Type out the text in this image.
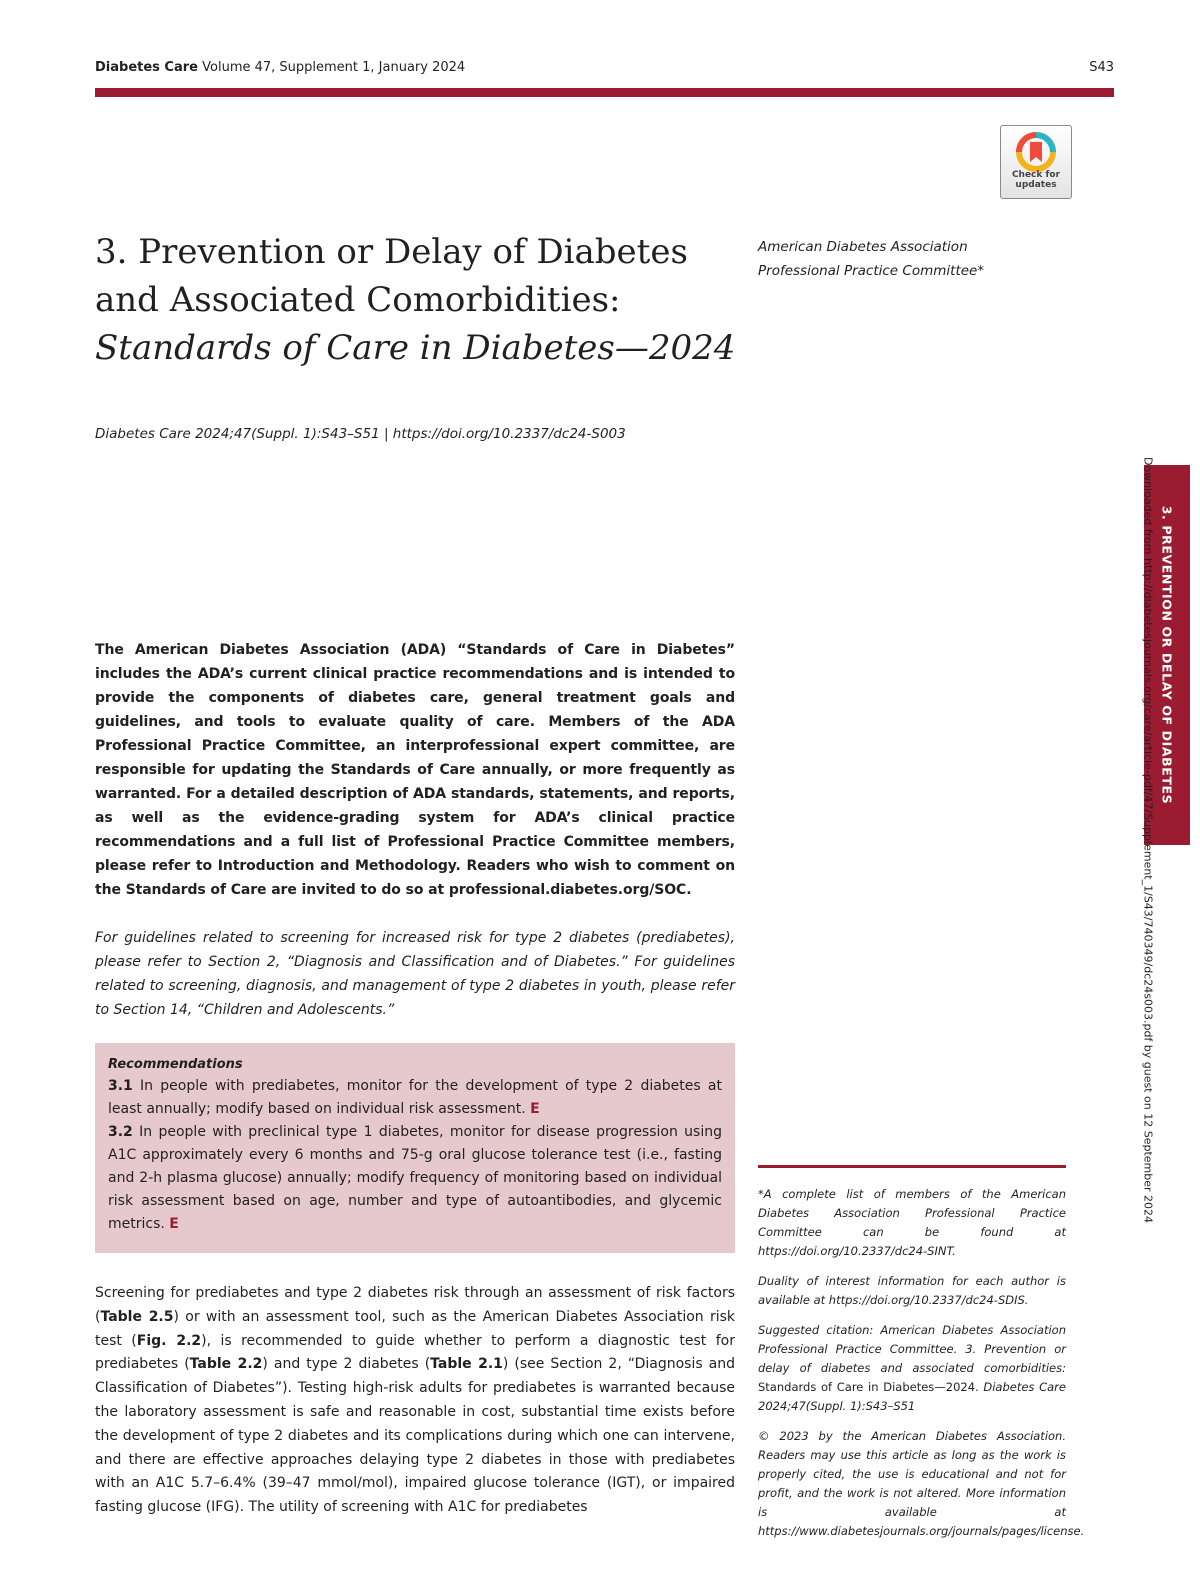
Diabetes Care Volume 47, Supplement 1, January 2024	S43
Check for
updates
3. Prevention or Delay of Diabetes and Associated Comorbidities: Standards of Care in Diabetes—2024
American Diabetes Association
Professional Practice Committee*
Diabetes Care 2024;47(Suppl. 1):S43–S51 | https://doi.org/10.2337/dc24-S003

The American Diabetes Association (ADA) “Standards of Care in Diabetes” includes the ADA’s current clinical practice recommendations and is intended to provide the components of diabetes care, general treatment goals and guidelines, and tools to evaluate quality of care. Members of the ADA Professional Practice Committee, an interprofessional expert committee, are responsible for updating the Standards of Care annually, or more frequently as warranted. For a detailed description of ADA standards, statements, and reports, as well as the evidence-grading system for ADA’s clinical practice recommendations and a full list of Professional Practice Committee members, please refer to Introduction and Methodology. Readers who wish to comment on the Standards of Care are invited to do so at professional.diabetes.org/SOC.

For guidelines related to screening for increased risk for type 2 diabetes (prediabetes), please refer to Section 2, “Diagnosis and Classification and of Diabetes.” For guidelines related to screening, diagnosis, and management of type 2 diabetes in youth, please refer to Section 14, “Children and Adolescents.”

Recommendations
3.1 In people with prediabetes, monitor for the development of type 2 diabetes at least annually; modify based on individual risk assessment. E
3.2 In people with preclinical type 1 diabetes, monitor for disease progression using A1C approximately every 6 months and 75-g oral glucose tolerance test (i.e., fasting and 2-h plasma glucose) annually; modify frequency of monitoring based on individual risk assessment based on age, number and type of autoantibodies, and glycemic metrics. E

Screening for prediabetes and type 2 diabetes risk through an assessment of risk factors (Table 2.5) or with an assessment tool, such as the American Diabetes Association risk test (Fig. 2.2), is recommended to guide whether to perform a diagnostic test for prediabetes (Table 2.2) and type 2 diabetes (Table 2.1) (see Section 2, “Diagnosis and Classification of Diabetes”). Testing high-risk adults for prediabetes is warranted because the laboratory assessment is safe and reasonable in cost, substantial time exists before the development of type 2 diabetes and its complications during which one can intervene, and there are effective approaches delaying type 2 diabetes in those with prediabetes with an A1C 5.7–6.4% (39–47 mmol/mol), impaired glucose tolerance (IGT), or impaired fasting glucose (IFG). The utility of screening with A1C for prediabetes

*A complete list of members of the American Diabetes Association Professional Practice Committee can be found at https://doi.org/10.2337/dc24-SINT.

Duality of interest information for each author is available at https://doi.org/10.2337/dc24-SDIS.

Suggested citation: American Diabetes Association Professional Practice Committee. 3. Prevention or delay of diabetes and associated comorbidities: Standards of Care in Diabetes—2024. Diabetes Care 2024;47(Suppl. 1):S43–S51

© 2023 by the American Diabetes Association. Readers may use this article as long as the work is properly cited, the use is educational and not for profit, and the work is not altered. More information is available at https://www.diabetesjournals.org/journals/pages/license.

3. PREVENTION OR DELAY OF DIABETES
Downloaded from http://diabetesjournals.org/care/article-pdf/47/Supplement_1/S43/740349/dc24s003.pdf by guest on 12 September 2024
